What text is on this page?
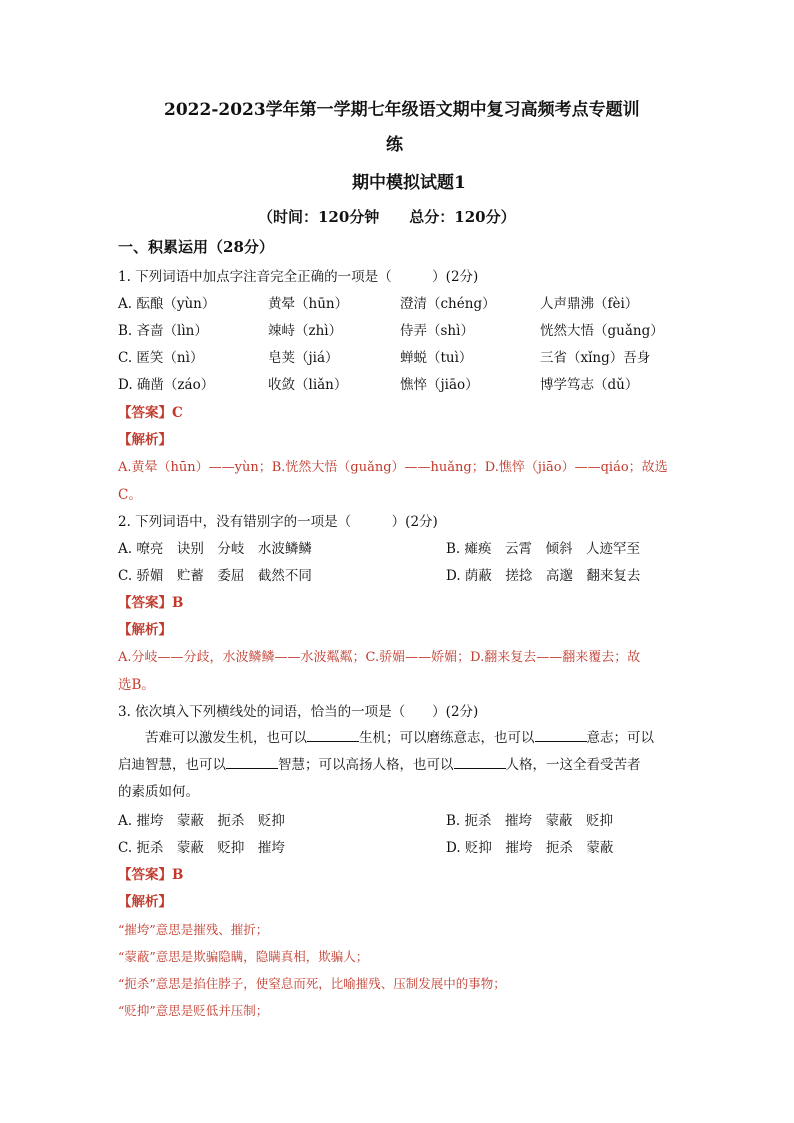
2022-2023学年第一学期七年级语文期中复习高频考点专题训
练
期中模拟试题1
（时间：120分钟　　总分：120分）
一、积累运用（28分）
1. 下列词语中加点字注音完全正确的一项是（　　　）(2分)
A. 酝酿（yùn）	黄晕（hūn）	澄清（chéng）	人声鼎沸（fèi）
B. 吝啬（lìn）	竦峙（zhì）	侍弄（shì）	恍然大悟（guǎng）
C. 匿笑（nì）	皂荚（jiá）	蝉蜕（tuì）	三省（xǐng）吾身
D. 确凿（záo）	收敛（liǎn）	憔悴（jiāo）	博学笃志（dǔ）
【答案】C
【解析】
A.黄晕（hūn）——yùn；B.恍然大悟（guǎng）——huǎng；D.憔悴（jiāo）——qiáo；故选
C。
2. 下列词语中，没有错别字的一项是（　　　）(2分)
A. 嘹亮　诀别　分岐　水波鳞鳞	B. 瘫痪　云霄　倾斜　人迹罕至
C. 骄媚　贮蓄　委屈　截然不同	D. 荫蔽　搓捻　高邈　翻来复去
【答案】B
【解析】
A.分岐——分歧，水波鳞鳞——水波粼粼；C.骄媚——娇媚；D.翻来复去——翻来覆去；故
选B。
3. 依次填入下列横线处的词语，恰当的一项是（　　）(2分)
苦难可以激发生机，也可以	生机；可以磨练意志，也可以	意志；可以
启迪智慧，也可以	智慧；可以高扬人格，也可以	人格，一这全看受苦者
的素质如何。
A. 摧垮　蒙蔽　扼杀　贬抑	B. 扼杀　摧垮　蒙蔽　贬抑
C. 扼杀　蒙蔽　贬抑　摧垮	D. 贬抑　摧垮　扼杀　蒙蔽
【答案】B
【解析】
“摧垮”意思是摧残、摧折；
“蒙蔽”意思是欺骗隐瞒，隐瞒真相，欺骗人；
“扼杀”意思是掐住脖子，使窒息而死，比喻摧残、压制发展中的事物；
“贬抑”意思是贬低并压制；
